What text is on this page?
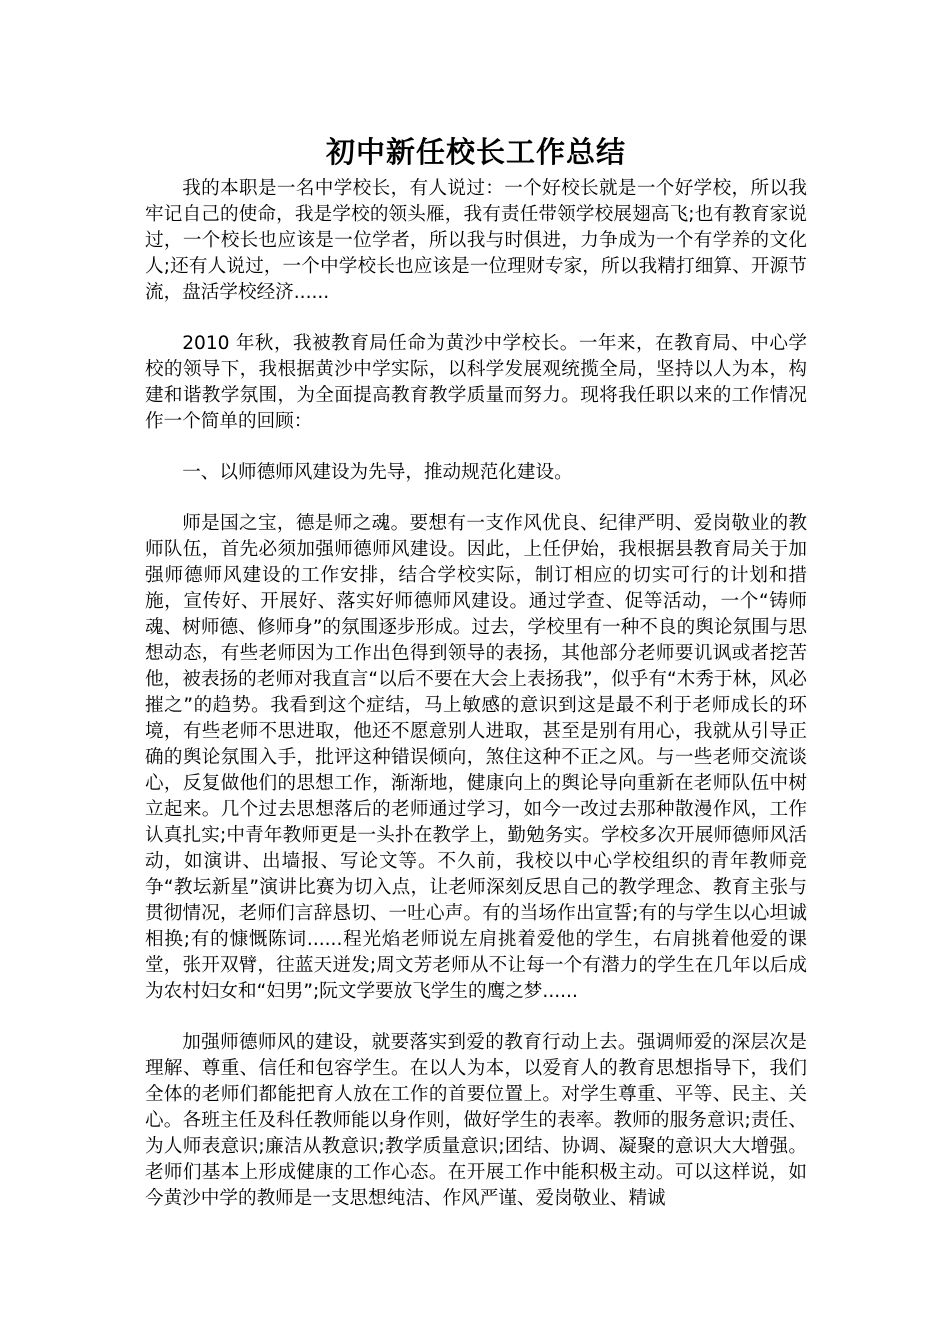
初中新任校长工作总结

我的本职是一名中学校长，有人说过：一个好校长就是一个好学校，所以我牢记自己的使命，我是学校的领头雁，我有责任带领学校展翅高飞;也有教育家说过，一个校长也应该是一位学者，所以我与时俱进，力争成为一个有学养的文化人;还有人说过，一个中学校长也应该是一位理财专家，所以我精打细算、开源节流，盘活学校经济......

2010 年秋，我被教育局任命为黄沙中学校长。一年来，在教育局、中心学校的领导下，我根据黄沙中学实际，以科学发展观统揽全局，坚持以人为本，构建和谐教学氛围，为全面提高教育教学质量而努力。现将我任职以来的工作情况作一个简单的回顾：

一、以师德师风建设为先导，推动规范化建设。

师是国之宝，德是师之魂。要想有一支作风优良、纪律严明、爱岗敬业的教师队伍，首先必须加强师德师风建设。因此，上任伊始，我根据县教育局关于加强师德师风建设的工作安排，结合学校实际，制订相应的切实可行的计划和措施，宣传好、开展好、落实好师德师风建设。通过学查、促等活动，一个“铸师魂、树师德、修师身”的氛围逐步形成。过去，学校里有一种不良的舆论氛围与思想动态，有些老师因为工作出色得到领导的表扬，其他部分老师要讥讽或者挖苦他，被表扬的老师对我直言“以后不要在大会上表扬我”，似乎有“木秀于林，风必摧之”的趋势。我看到这个症结，马上敏感的意识到这是最不利于老师成长的环境，有些老师不思进取，他还不愿意别人进取，甚至是别有用心，我就从引导正确的舆论氛围入手，批评这种错误倾向，煞住这种不正之风。与一些老师交流谈心，反复做他们的思想工作，渐渐地，健康向上的舆论导向重新在老师队伍中树立起来。几个过去思想落后的老师通过学习，如今一改过去那种散漫作风，工作认真扎实;中青年教师更是一头扑在教学上，勤勉务实。学校多次开展师德师风活动，如演讲、出墙报、写论文等。不久前，我校以中心学校组织的青年教师竞争“教坛新星”演讲比赛为切入点，让老师深刻反思自己的教学理念、教育主张与贯彻情况，老师们言辞恳切、一吐心声。有的当场作出宣誓;有的与学生以心坦诚相换;有的慷慨陈词......程光焰老师说左肩挑着爱他的学生，右肩挑着他爱的课堂，张开双臂，往蓝天迸发;周文芳老师从不让每一个有潜力的学生在几年以后成为农村妇女和“妇男”;阮文学要放飞学生的鹰之梦......

加强师德师风的建设，就要落实到爱的教育行动上去。强调师爱的深层次是理解、尊重、信任和包容学生。在以人为本，以爱育人的教育思想指导下，我们全体的老师们都能把育人放在工作的首要位置上。对学生尊重、平等、民主、关心。各班主任及科任教师能以身作则，做好学生的表率。教师的服务意识;责任、为人师表意识;廉洁从教意识;教学质量意识;团结、协调、凝聚的意识大大增强。老师们基本上形成健康的工作心态。在开展工作中能积极主动。可以这样说，如今黄沙中学的教师是一支思想纯洁、作风严谨、爱岗敬业、精诚
